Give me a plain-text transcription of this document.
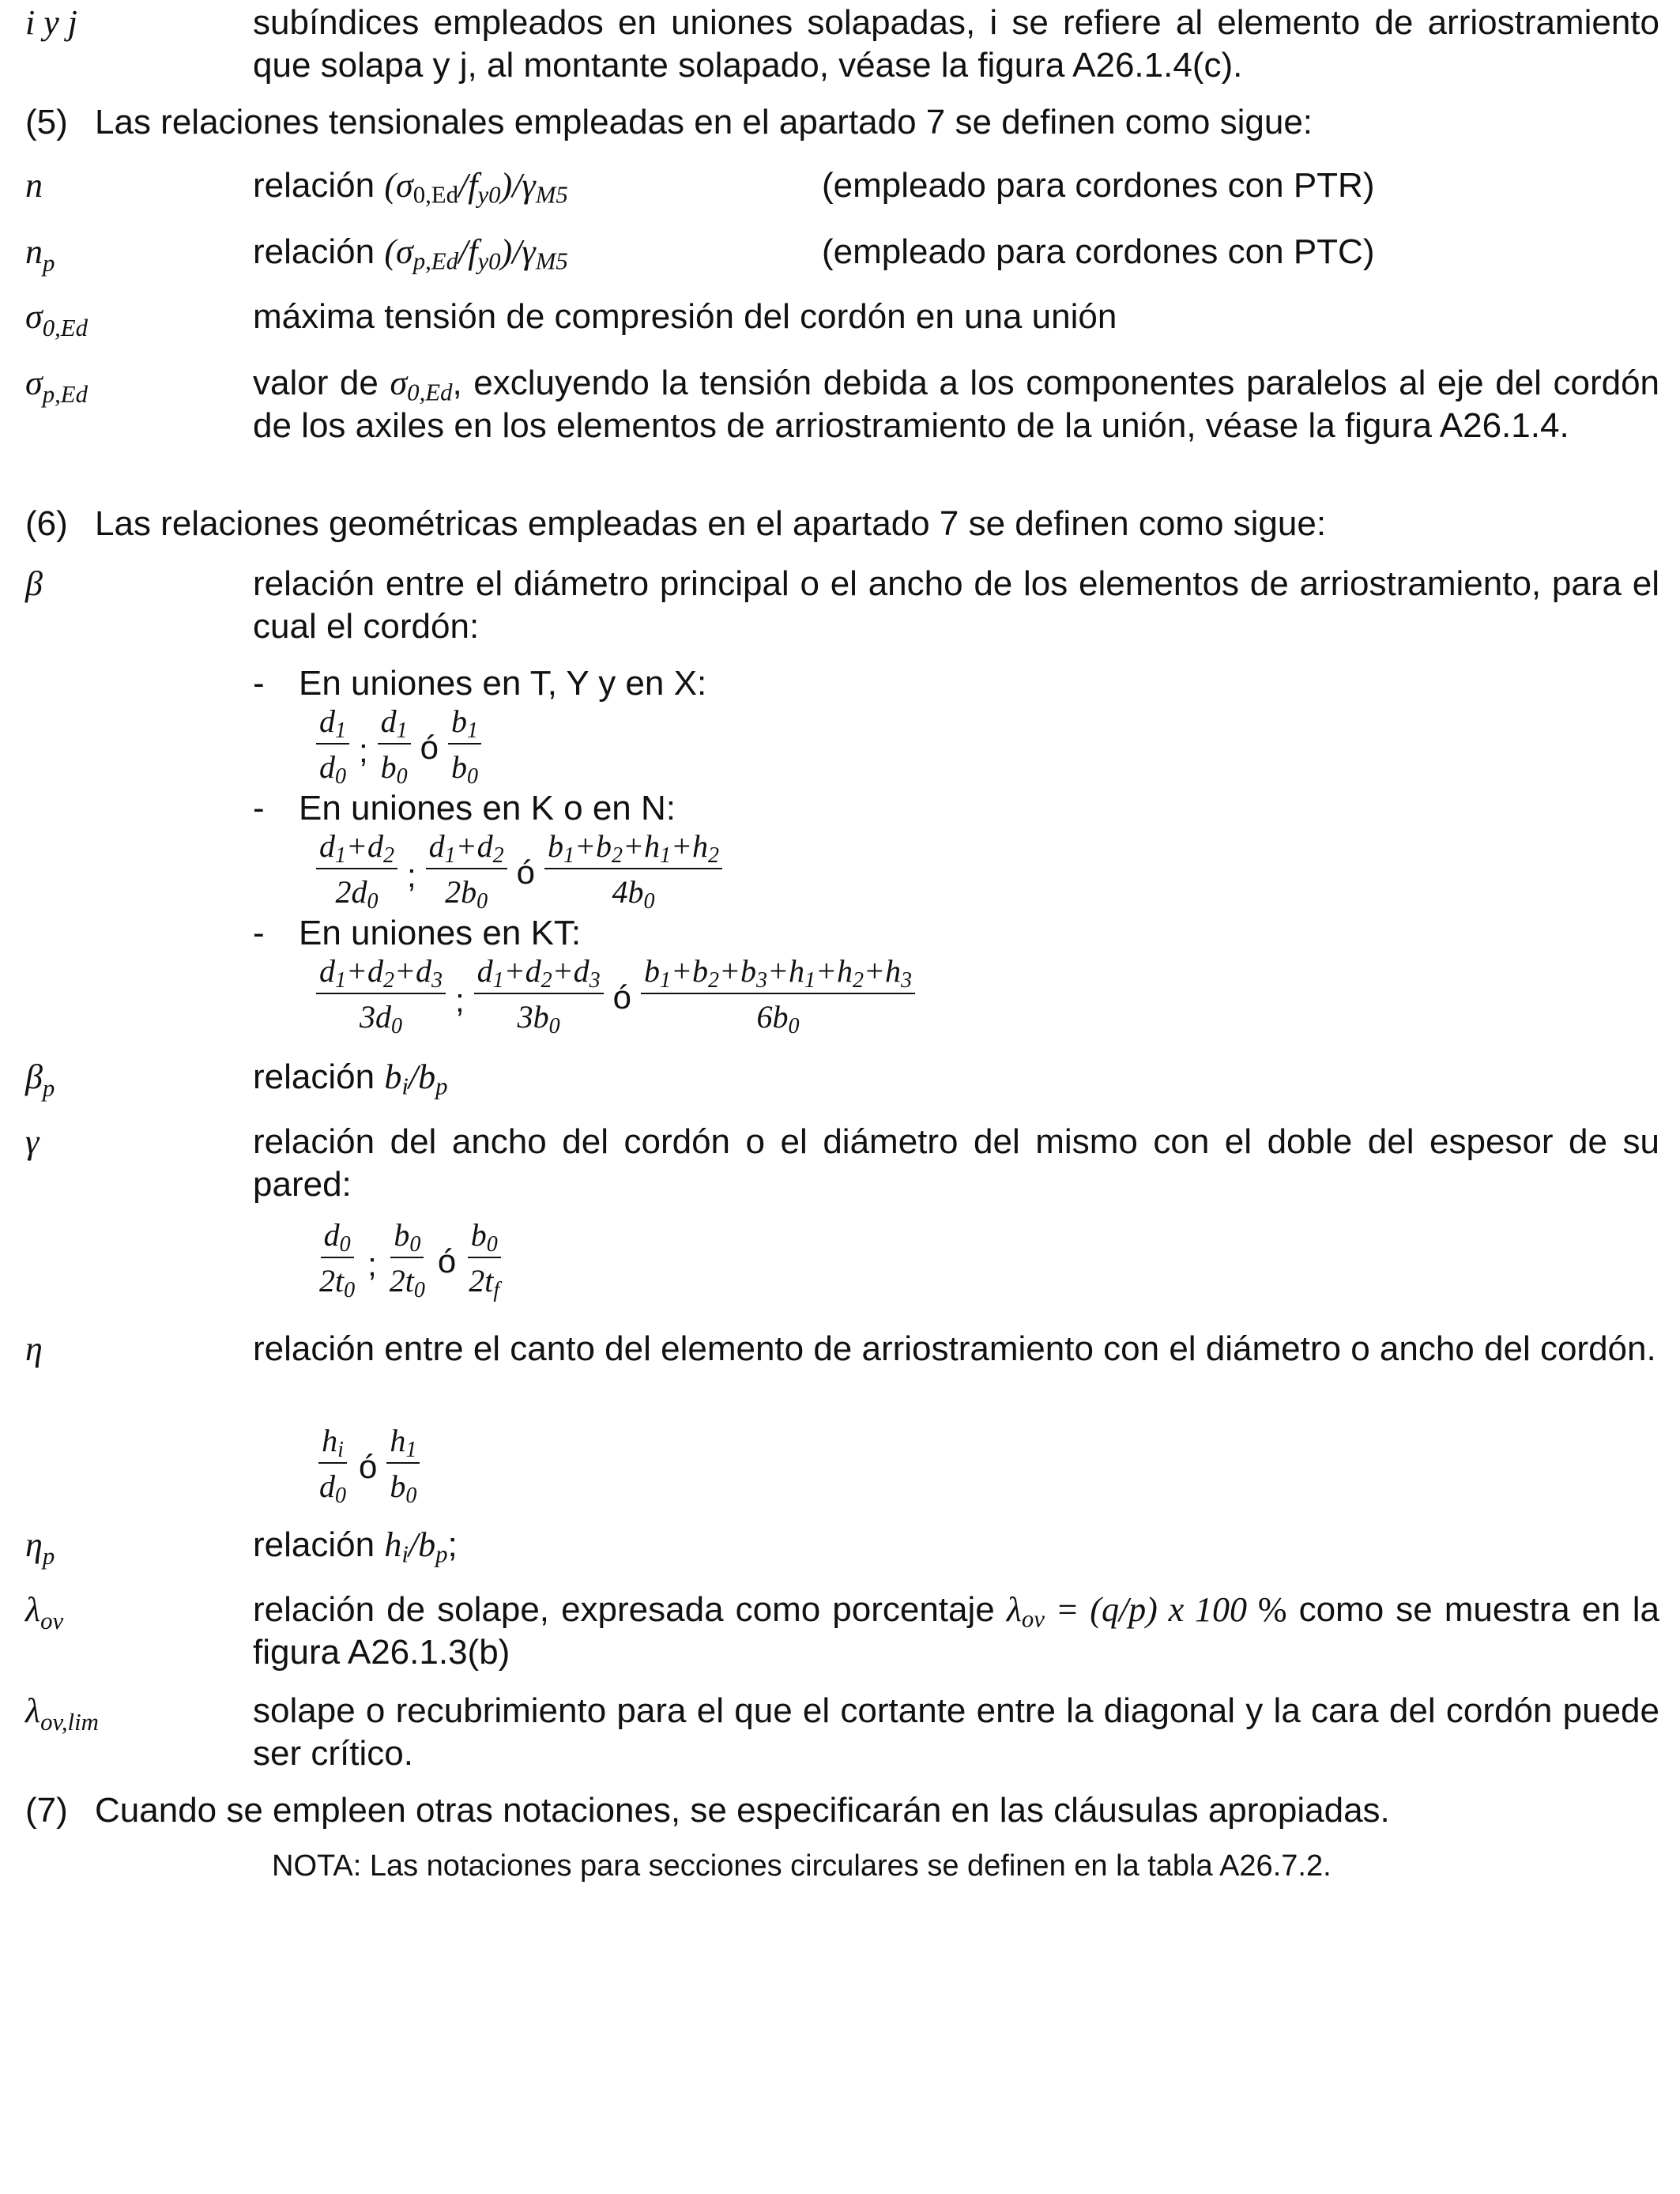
i y j	subíndices empleados en uniones solapadas, i se refiere al elemento de arriostramiento que solapa y j, al montante solapado, véase la figura A26.1.4(c).
(5) Las relaciones tensionales empleadas en el apartado 7 se definen como sigue:
n	relación $(\sigma_{0,Ed}/f_{y0})/\gamma_{M5}$	(empleado para cordones con PTR)
$n_p$	relación $(\sigma_{p,Ed}/f_{y0})/\gamma_{M5}$	(empleado para cordones con PTC)
$\sigma_{0,Ed}$	máxima tensión de compresión del cordón en una unión
$\sigma_{p,Ed}$	valor de $\sigma_{0,Ed}$, excluyendo la tensión debida a los componentes paralelos al eje del cordón de los axiles en los elementos de arriostramiento de la unión, véase la figura A26.1.4.
(6) Las relaciones geométricas empleadas en el apartado 7 se definen como sigue:
β	relación entre el diámetro principal o el ancho de los elementos de arriostramiento, para el cual el cordón:
- En uniones en T, Y y en X:
$\frac{d_1}{d_0}$ ; $\frac{d_1}{b_0}$ ó $\frac{b_1}{b_0}$
- En uniones en K o en N:
$\frac{d_1+d_2}{2d_0}$ ; $\frac{d_1+d_2}{2b_0}$ ó $\frac{b_1+b_2+h_1+h_2}{4b_0}$
- En uniones en KT:
$\frac{d_1+d_2+d_3}{3d_0}$ ; $\frac{d_1+d_2+d_3}{3b_0}$ ó $\frac{b_1+b_2+b_3+h_1+h_2+h_3}{6b_0}$
$\beta_p$	relación $b_i/b_p$
γ	relación del ancho del cordón o el diámetro del mismo con el doble del espesor de su pared:
$\frac{d_0}{2t_0}$ ; $\frac{b_0}{2t_0}$ ó $\frac{b_0}{2t_f}$
η	relación entre el canto del elemento de arriostramiento con el diámetro o ancho del cordón.
$\frac{h_i}{d_0}$ ó $\frac{h_1}{b_0}$
$\eta_p$	relación $h_i/b_p$;
$\lambda_{ov}$	relación de solape, expresada como porcentaje $\lambda_{ov} = (q/p)$ x 100 % como se muestra en la figura A26.1.3(b)
$\lambda_{ov,lim}$	solape o recubrimiento para el que el cortante entre la diagonal y la cara del cordón puede ser crítico.
(7) Cuando se empleen otras notaciones, se especificarán en las cláusulas apropiadas.
NOTA: Las notaciones para secciones circulares se definen en la tabla A26.7.2.
